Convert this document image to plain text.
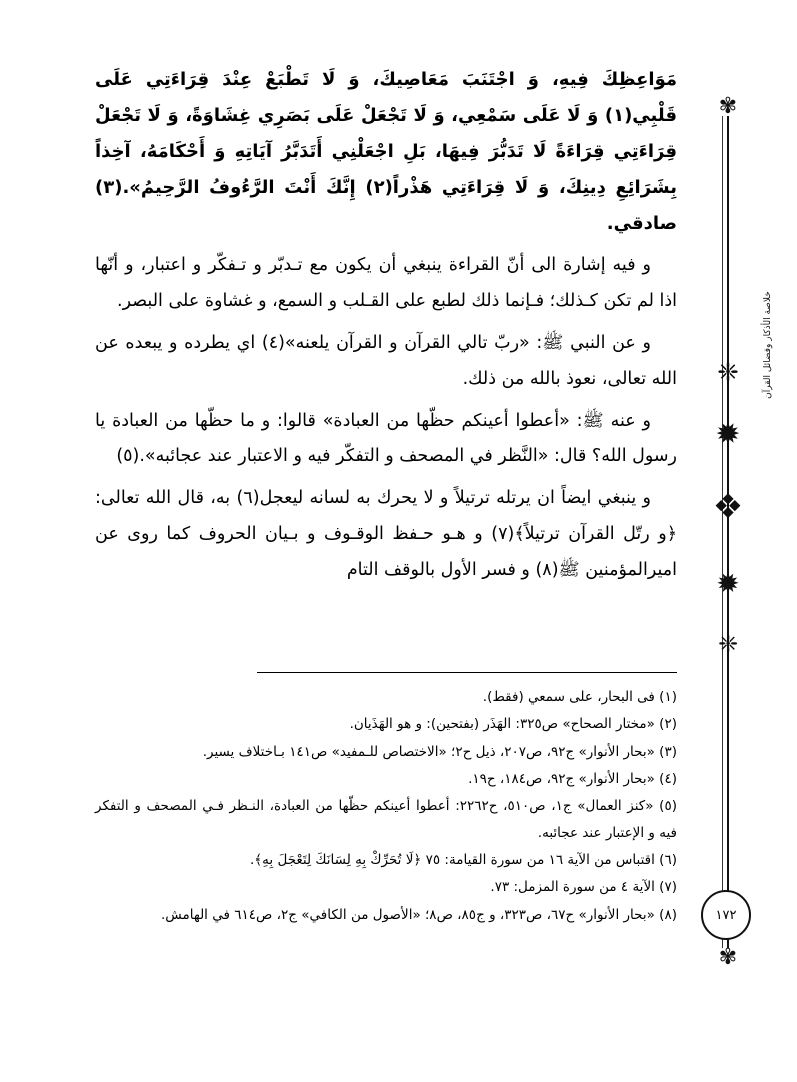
خلاصة الأذكار وفضائل القرآن
✾
❈
✹
❖
✹
❈
١٧٢
✾

مَوَاعِظِكَ فِيهِ، وَ اجْتَنَبَ مَعَاصِيكَ، وَ لَا تَطْبَعْ عِنْدَ قِرَاءَتِي عَلَى قَلْبِي(١) وَ لَا عَلَى سَمْعِي، وَ لَا تَجْعَلْ عَلَى بَصَرِي غِشَاوَةً، وَ لَا تَجْعَلْ قِرَاءَتِي قِرَاءَةً لَا تَدَبُّرَ فِيهَا، بَلِ اجْعَلْنِي أَتَدَبَّرُ آيَاتِهِ وَ أَحْكَامَهُ، آخِذاً بِشَرَائِعِ دِينِكَ، وَ لَا قِرَاءَتِي هَذْراً(٢) إِنَّكَ أَنْتَ الرَّءُوفُ الرَّحِيمُ».(٣) صادقي.

و فيه إشارة الى أنّ القراءة ينبغي أن يكون مع تـدبّر و تـفكّر و اعتبار، و أنّها اذا لم تكن كـذلك؛ فـإنما ذلك لطبع على القـلب و السمع، و غشاوة على البصر.

و عن النبي ﷺ: «ربّ تالي القرآن و القرآن يلعنه»(٤) اي يطرده و يبعده عن الله تعالى، نعوذ بالله من ذلك.

و عنه ﷺ: «أعطوا أعينكم حظّها من العبادة» قالوا: و ما حظّها من العبادة يا رسول الله؟ قال: «النَّظر في المصحف و التفكّر فيه و الاعتبار عند عجائبه».(٥)

و ينبغي ايضاً ان يرتله ترتيلاً و لا يحرك به لسانه ليعجل(٦) به، قال الله تعالى: ﴿و رتّل القرآن ترتيلاً﴾(٧) و هـو حـفظ الوقـوف و بـيان الحروف كما روى عن اميرالمؤمنين ﷺ(٨) و فسر الأول بالوقف التام

(١) فى البحار، على سمعي (فقط).

(٢) «مختار الصحاح» ص٣٢٥: الهَذَر (بفتحين): و هو الهَذَيان.

(٣) «بحار الأنوار» ج٩٢، ص٢٠٧، ذيل ح٢؛ «الاختصاص للـمفيد» ص١٤١ بـاختلاف يسير.

(٤) «بحار الأنوار» ج٩٢، ص١٨٤، ح١٩.

(٥) «كنز العمال» ج١، ص٥١٠، ح٢٢٦٢: أعطوا أعينكم حظّها من العبادة، النـظر فـي المصحف و التفكر فيه و الإعتبار عند عجائبه.

(٦) اقتباس من الآية ١٦ من سورة القيامة: ٧٥ ﴿لَا تُحَرِّكْ بِهِ لِسَانَكَ لِتَعْجَلَ بِهِ﴾.

(٧) الآية ٤ من سورة المزمل: ٧٣.

(٨) «بحار الأنوار» ح٦٧، ص٣٢٣، و ج٨٥، ص٨؛ «الأصول من الكافي» ج٢، ص٦١٤ في الهامش.
